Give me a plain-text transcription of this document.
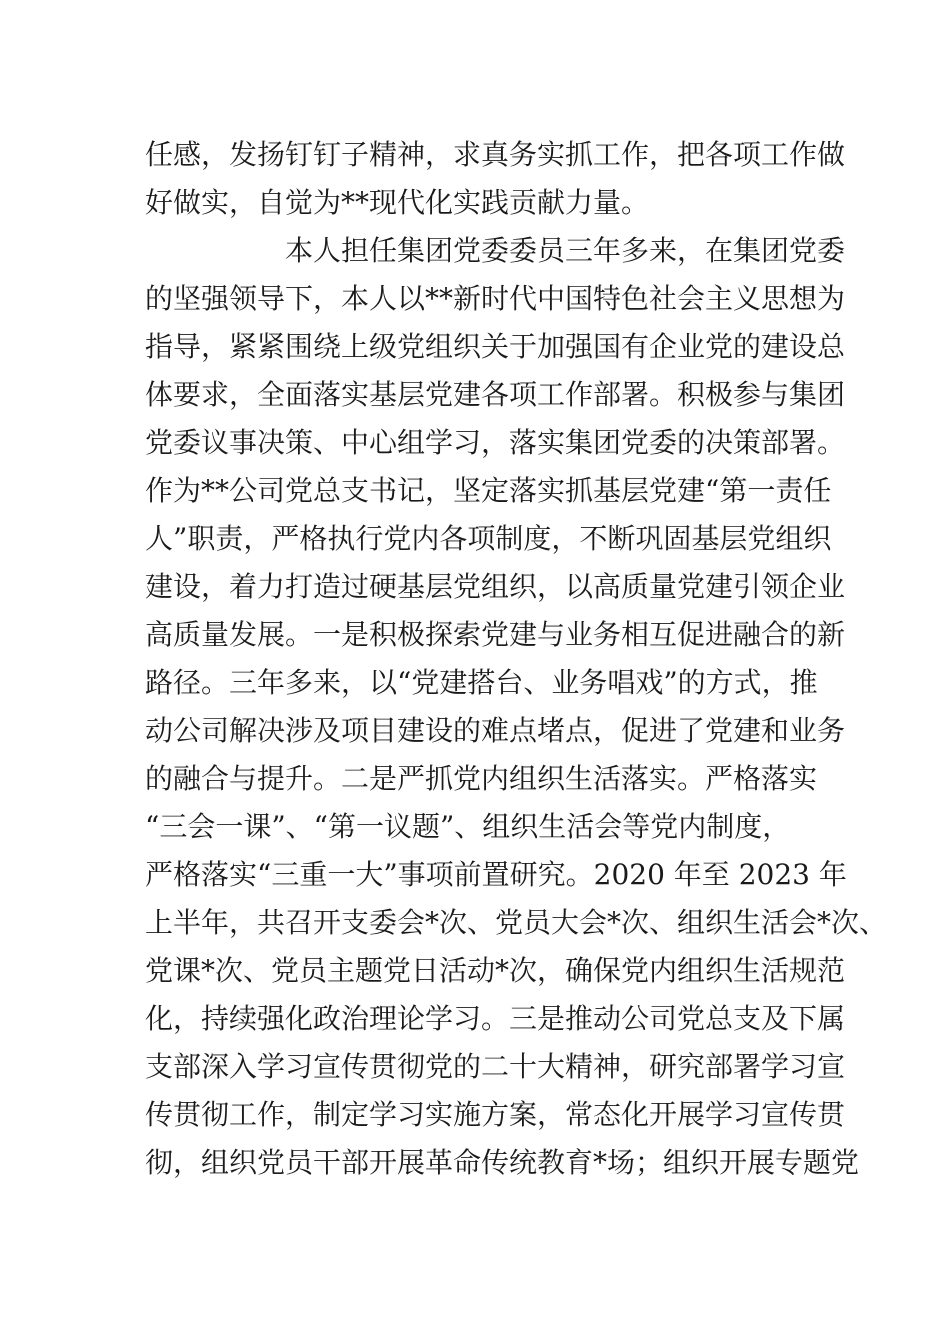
任感，发扬钉钉子精神，求真务实抓工作，把各项工作做
好做实，自觉为**现代化实践贡献力量。
本人担任集团党委委员三年多来，在集团党委
的坚强领导下，本人以**新时代中国特色社会主义思想为
指导，紧紧围绕上级党组织关于加强国有企业党的建设总
体要求，全面落实基层党建各项工作部署。积极参与集团
党委议事决策、中心组学习，落实集团党委的决策部署。
作为**公司党总支书记，坚定落实抓基层党建“第一责任
人”职责，严格执行党内各项制度，不断巩固基层党组织
建设，着力打造过硬基层党组织，以高质量党建引领企业
高质量发展。一是积极探索党建与业务相互促进融合的新
路径。三年多来，以“党建搭台、业务唱戏”的方式，推
动公司解决涉及项目建设的难点堵点，促进了党建和业务
的融合与提升。二是严抓党内组织生活落实。严格落实
“三会一课”、“第一议题”、组织生活会等党内制度，
严格落实“三重一大”事项前置研究。2020 年至 2023 年
上半年，共召开支委会*次、党员大会*次、组织生活会*次、
党课*次、党员主题党日活动*次，确保党内组织生活规范
化，持续强化政治理论学习。三是推动公司党总支及下属
支部深入学习宣传贯彻党的二十大精神，研究部署学习宣
传贯彻工作，制定学习实施方案，常态化开展学习宣传贯
彻，组织党员干部开展革命传统教育*场；组织开展专题党
